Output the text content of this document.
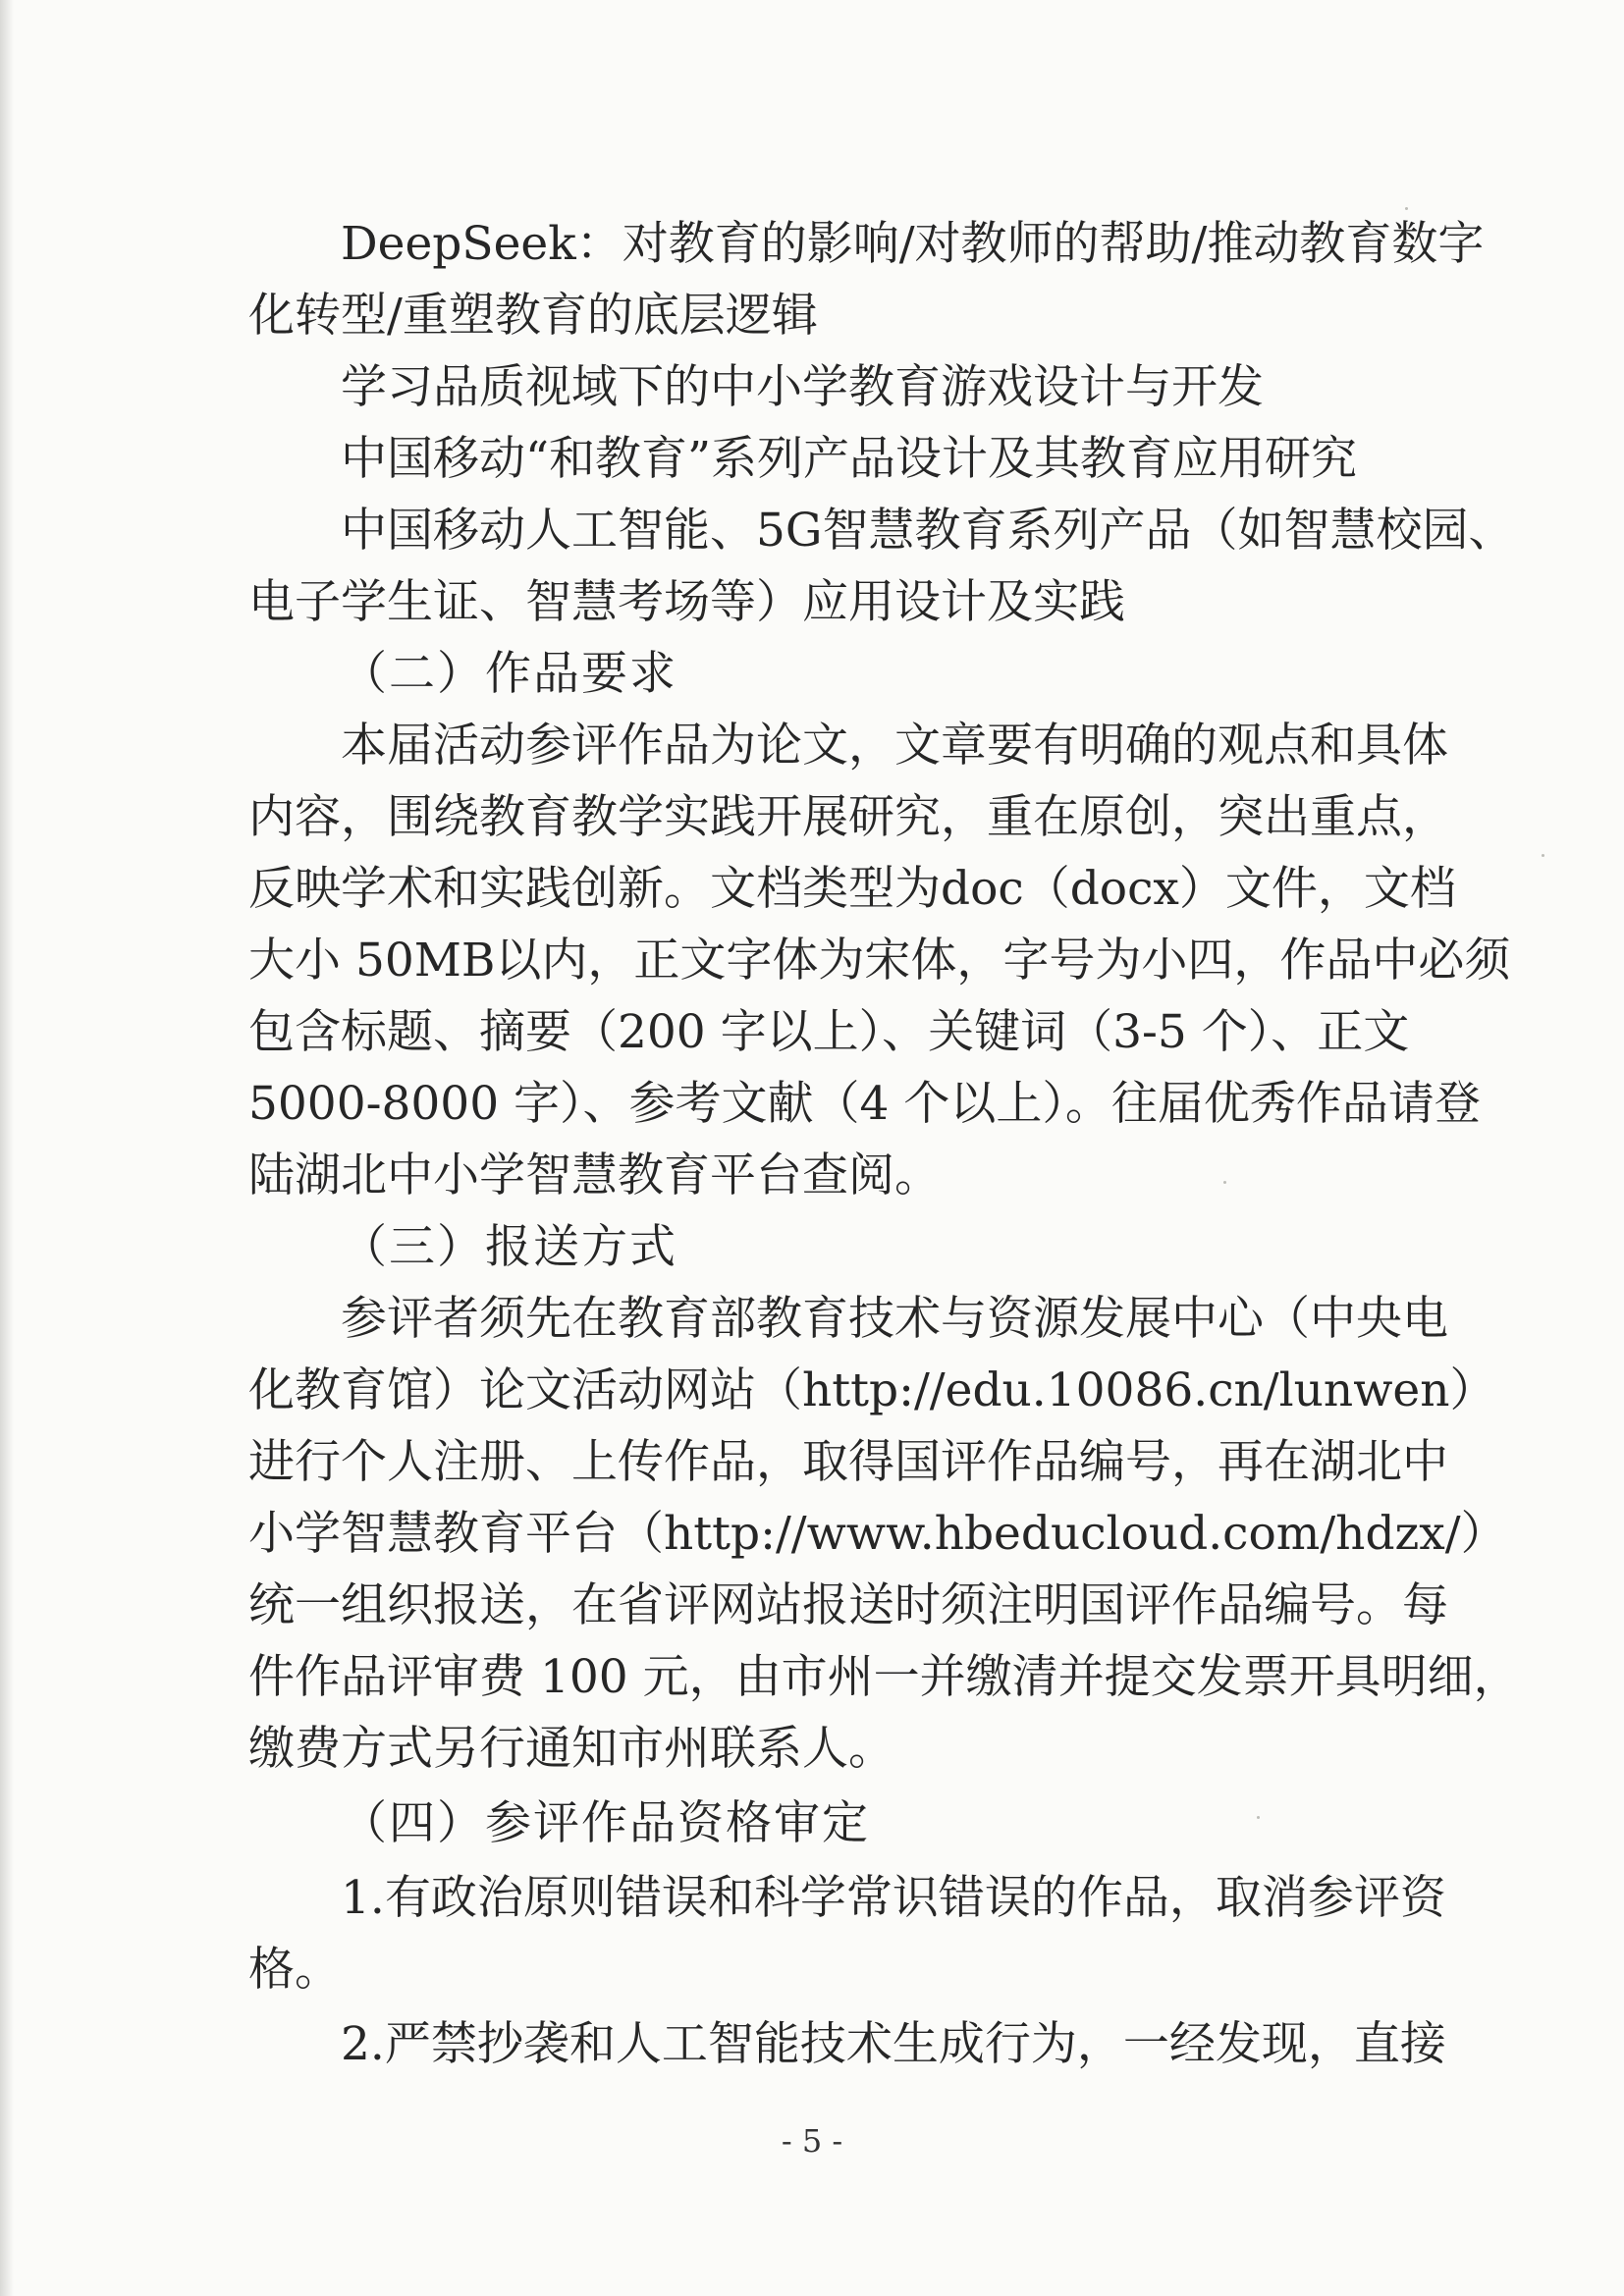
DeepSeek：对教育的影响/对教师的帮助/推动教育数字
化转型/重塑教育的底层逻辑
学习品质视域下的中小学教育游戏设计与开发
中国移动“和教育”系列产品设计及其教育应用研究
中国移动人工智能、5G智慧教育系列产品（如智慧校园、
电子学生证、智慧考场等）应用设计及实践
（二）作品要求
本届活动参评作品为论文，文章要有明确的观点和具体
内容，围绕教育教学实践开展研究，重在原创，突出重点，
反映学术和实践创新。文档类型为doc（docx）文件，文档
大小 50MB以内，正文字体为宋体，字号为小四，作品中必须
包含标题、摘要（200 字以上）、关键词（3-5 个）、正文
5000-8000 字）、参考文献（4 个以上）。往届优秀作品请登
陆湖北中小学智慧教育平台查阅。
（三）报送方式
参评者须先在教育部教育技术与资源发展中心（中央电
化教育馆）论文活动网站（http://edu.10086.cn/lunwen）
进行个人注册、上传作品，取得国评作品编号，再在湖北中
小学智慧教育平台（http://www.hbeducloud.com/hdzx/）
统一组织报送，在省评网站报送时须注明国评作品编号。每
件作品评审费 100 元，由市州一并缴清并提交发票开具明细，
缴费方式另行通知市州联系人。
（四）参评作品资格审定
1.有政治原则错误和科学常识错误的作品，取消参评资
格。
2.严禁抄袭和人工智能技术生成行为，一经发现，直接
- 5 -
